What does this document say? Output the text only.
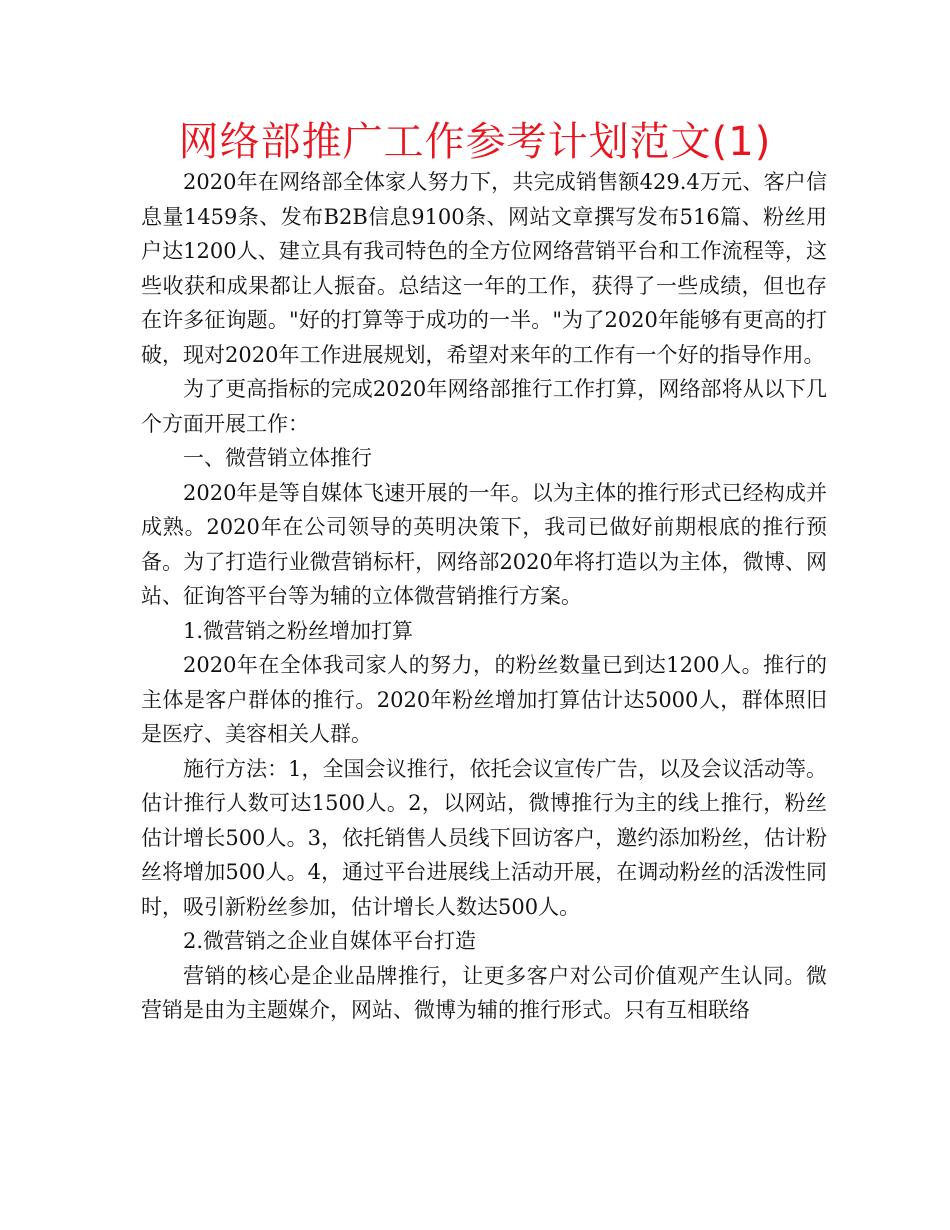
网络部推广工作参考计划范文(1)

2020年在网络部全体家人努力下，共完成销售额429.4万元、客户信息量1459条、发布B2B信息9100条、网站文章撰写发布516篇、粉丝用户达1200人、建立具有我司特色的全方位网络营销平台和工作流程等，这些收获和成果都让人振奋。总结这一年的工作，获得了一些成绩，但也存在许多征询题。"好的打算等于成功的一半。"为了2020年能够有更高的打破，现对2020年工作进展规划，希望对来年的工作有一个好的指导作用。

为了更高指标的完成2020年网络部推行工作打算，网络部将从以下几个方面开展工作：

一、微营销立体推行

2020年是等自媒体飞速开展的一年。以为主体的推行形式已经构成并成熟。2020年在公司领导的英明决策下，我司已做好前期根底的推行预备。为了打造行业微营销标杆，网络部2020年将打造以为主体，微博、网站、征询答平台等为辅的立体微营销推行方案。

1.微营销之粉丝增加打算

2020年在全体我司家人的努力，的粉丝数量已到达1200人。推行的主体是客户群体的推行。2020年粉丝增加打算估计达5000人，群体照旧是医疗、美容相关人群。

施行方法：1，全国会议推行，依托会议宣传广告，以及会议活动等。估计推行人数可达1500人。2，以网站，微博推行为主的线上推行，粉丝估计增长500人。3，依托销售人员线下回访客户，邀约添加粉丝，估计粉丝将增加500人。4，通过平台进展线上活动开展，在调动粉丝的活泼性同时，吸引新粉丝参加，估计增长人数达500人。

2.微营销之企业自媒体平台打造

营销的核心是企业品牌推行，让更多客户对公司价值观产生认同。微营销是由为主题媒介，网站、微博为辅的推行形式。只有互相联络
